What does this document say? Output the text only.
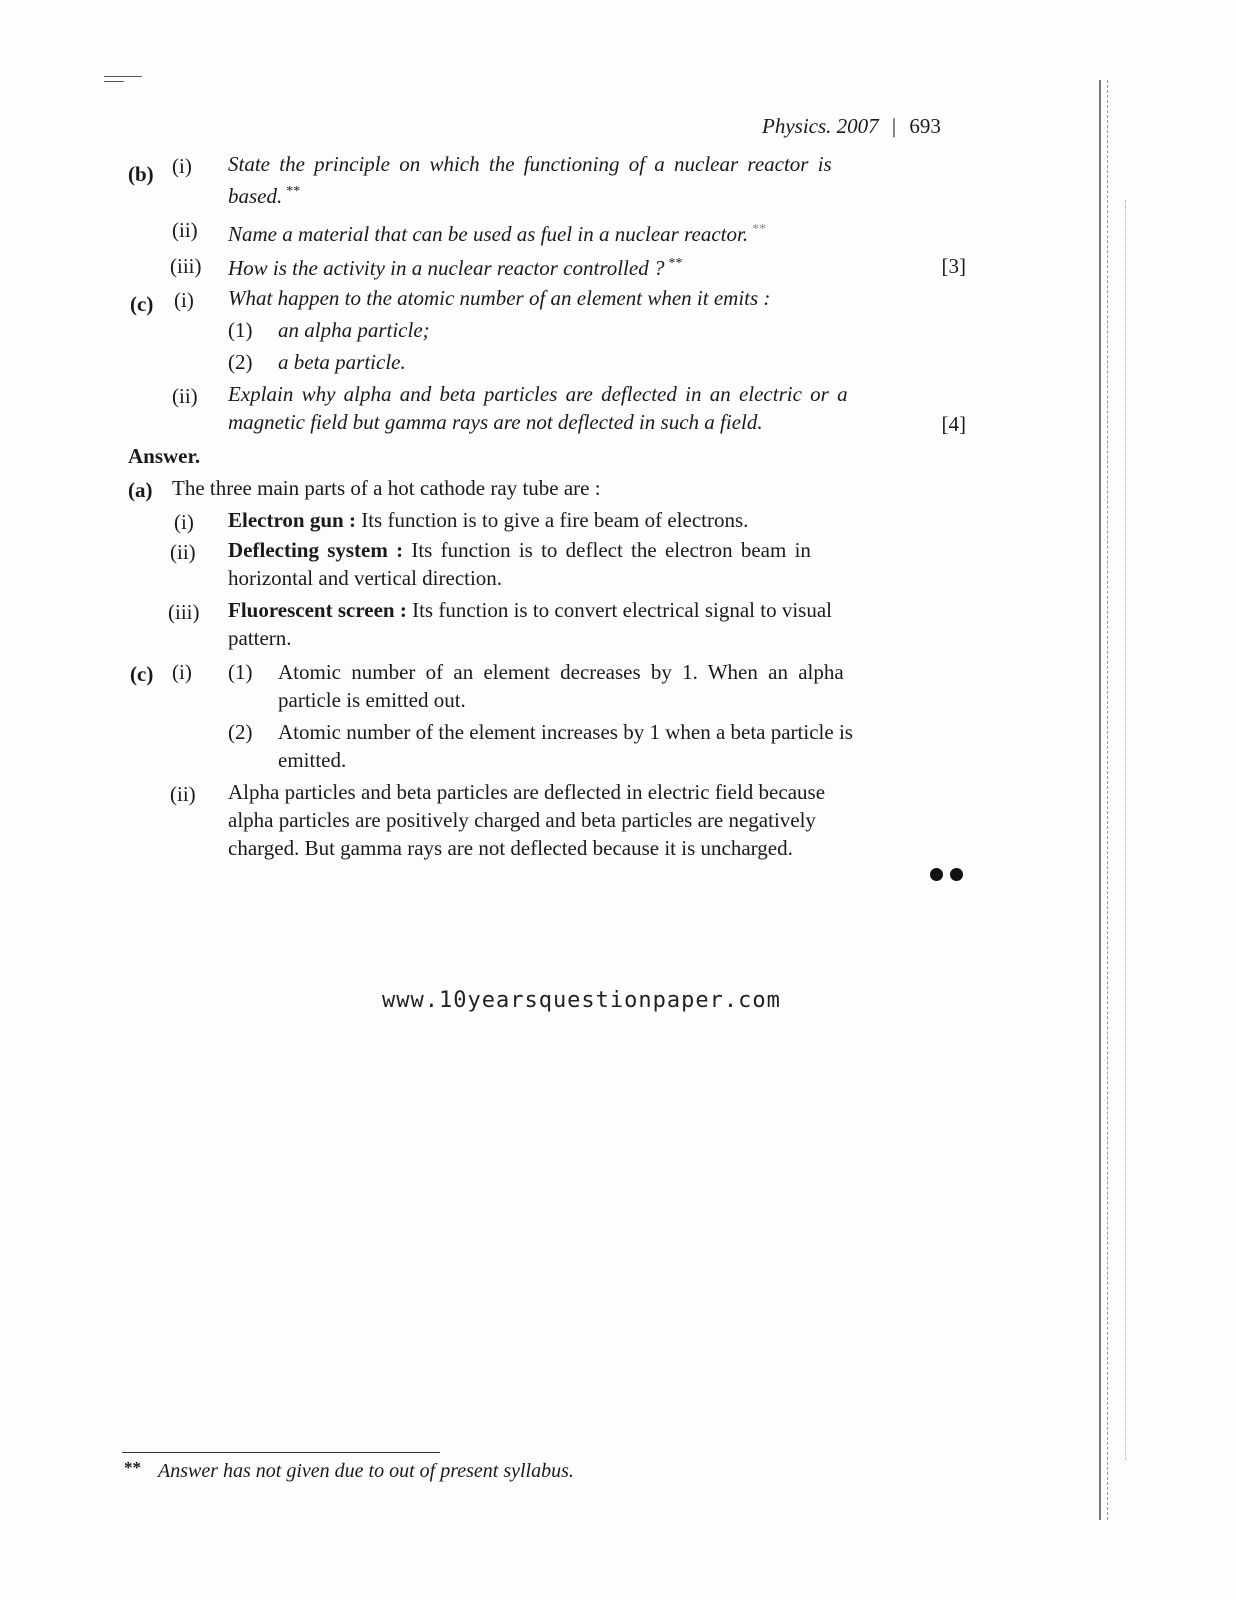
Physics. 2007 | 693
(b) (i) State the principle on which the functioning of a nuclear reactor is
based. **
(ii) Name a material that can be used as fuel in a nuclear reactor. **
(iii) How is the activity in a nuclear reactor controlled ? **	[3]
(c) (i) What happen to the atomic number of an element when it emits :
(1) an alpha particle;
(2) a beta particle.
(ii) Explain why alpha and beta particles are deflected in an electric or a
magnetic field but gamma rays are not deflected in such a field.	[4]
Answer.
(a) The three main parts of a hot cathode ray tube are :
(i) Electron gun : Its function is to give a fire beam of electrons.
(ii) Deflecting system : Its function is to deflect the electron beam in
horizontal and vertical direction.
(iii) Fluorescent screen : Its function is to convert electrical signal to visual
pattern.
(c) (i) (1) Atomic number of an element decreases by 1. When an alpha
particle is emitted out.
(2) Atomic number of the element increases by 1 when a beta particle is
emitted.
(ii) Alpha particles and beta particles are deflected in electric field because
alpha particles are positively charged and beta particles are negatively
charged. But gamma rays are not deflected because it is uncharged.
www.10yearsquestionpaper.com
** Answer has not given due to out of present syllabus.
